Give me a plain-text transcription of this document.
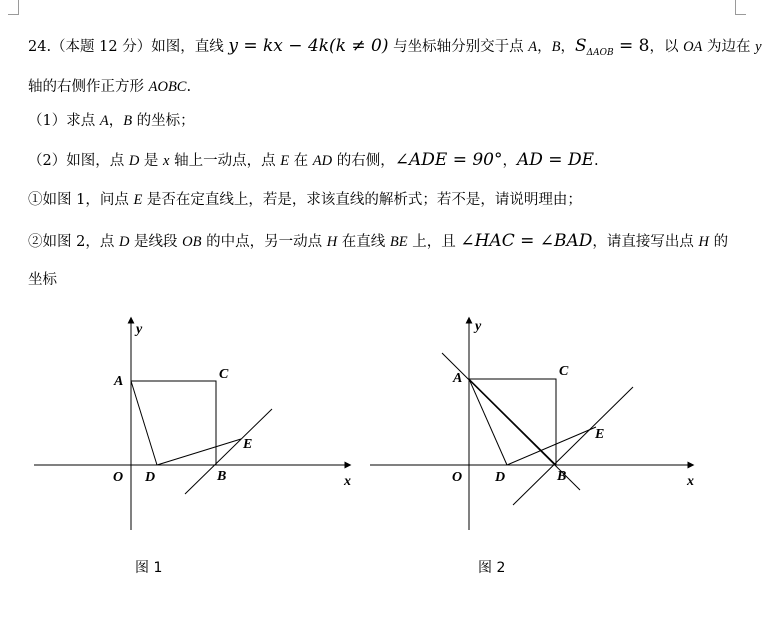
24.（本题 12 分）如图，直线 y = kx − 4k(k ≠ 0) 与坐标轴分别交于点 A，B，$S_{\Delta AOB} = 8$，以 OA 为边在 y
轴的右侧作正方形 AOBC.
（1）求点 A，B 的坐标；
（2）如图，点 D 是 x 轴上一动点，点 E 在 AD 的右侧，∠ADE = 90°，AD = DE.
①如图 1，问点 E 是否在定直线上，若是，求该直线的解析式；若不是，请说明理由；
②如图 2，点 D 是线段 OB 的中点，另一动点 H 在直线 BE 上，且 ∠HAC = ∠BAD，请直接写出点 H 的
坐标
y
x
O
A	C
D	B
E
图 1
y
x
O
A	C
D	B
E
图 2
